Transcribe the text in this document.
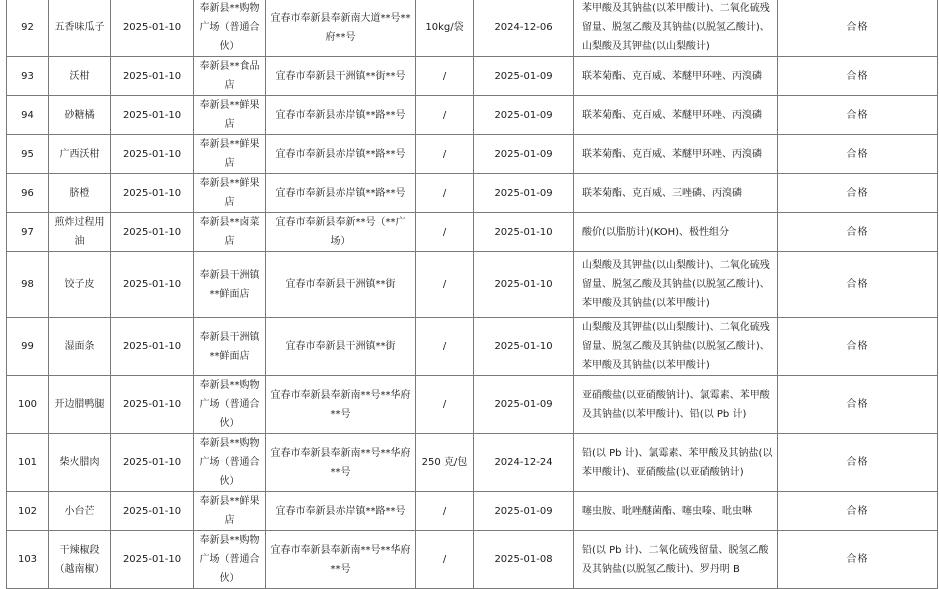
92	五香味瓜子	2025-01-10	奉新县**购物广场（普通合伙）	宜春市奉新县奉新南大道**号**府**号	10kg/袋	2024-12-06	苯甲酸及其钠盐(以苯甲酸计)、二氧化硫残留量、脱氢乙酸及其钠盐(以脱氢乙酸计)、山梨酸及其钾盐(以山梨酸计)	合格
93	沃柑	2025-01-10	奉新县**食品店	宜春市奉新县干洲镇**街**号	/	2025-01-09	联苯菊酯、克百威、苯醚甲环唑、丙溴磷	合格
94	砂糖橘	2025-01-10	奉新县**鲜果店	宜春市奉新县赤岸镇**路**号	/	2025-01-09	联苯菊酯、克百威、苯醚甲环唑、丙溴磷	合格
95	广西沃柑	2025-01-10	奉新县**鲜果店	宜春市奉新县赤岸镇**路**号	/	2025-01-09	联苯菊酯、克百威、苯醚甲环唑、丙溴磷	合格
96	脐橙	2025-01-10	奉新县**鲜果店	宜春市奉新县赤岸镇**路**号	/	2025-01-09	联苯菊酯、克百威、三唑磷、丙溴磷	合格
97	煎炸过程用油	2025-01-10	奉新县**卤菜店	宜春市奉新县奉新**号（**广场）	/	2025-01-10	酸价(以脂肪计)(KOH)、极性组分	合格
98	饺子皮	2025-01-10	奉新县干洲镇**鲜面店	宜春市奉新县干洲镇**街	/	2025-01-10	山梨酸及其钾盐(以山梨酸计)、二氧化硫残留量、脱氢乙酸及其钠盐(以脱氢乙酸计)、苯甲酸及其钠盐(以苯甲酸计)	合格
99	湿面条	2025-01-10	奉新县干洲镇**鲜面店	宜春市奉新县干洲镇**街	/	2025-01-10	山梨酸及其钾盐(以山梨酸计)、二氧化硫残留量、脱氢乙酸及其钠盐(以脱氢乙酸计)、苯甲酸及其钠盐(以苯甲酸计)	合格
100	开边腊鸭腿	2025-01-10	奉新县**购物广场（普通合伙）	宜春市奉新县奉新南**号**华府**号	/	2025-01-09	亚硝酸盐(以亚硝酸钠计)、氯霉素、苯甲酸及其钠盐(以苯甲酸计)、铅(以 Pb 计)	合格
101	柴火腊肉	2025-01-10	奉新县**购物广场（普通合伙）	宜春市奉新县奉新南**号**华府**号	250 克/包	2024-12-24	铅(以 Pb 计)、氯霉素、苯甲酸及其钠盐(以苯甲酸计)、亚硝酸盐(以亚硝酸钠计)	合格
102	小台芒	2025-01-10	奉新县**鲜果店	宜春市奉新县赤岸镇**路**号	/	2025-01-09	噻虫胺、吡唑醚菌酯、噻虫嗪、吡虫啉	合格
103	干辣椒段（越南椒）	2025-01-10	奉新县**购物广场（普通合伙）	宜春市奉新县奉新南**号**华府**号	/	2025-01-08	铅(以 Pb 计)、二氧化硫残留量、脱氢乙酸及其钠盐(以脱氢乙酸计)、罗丹明 B	合格
